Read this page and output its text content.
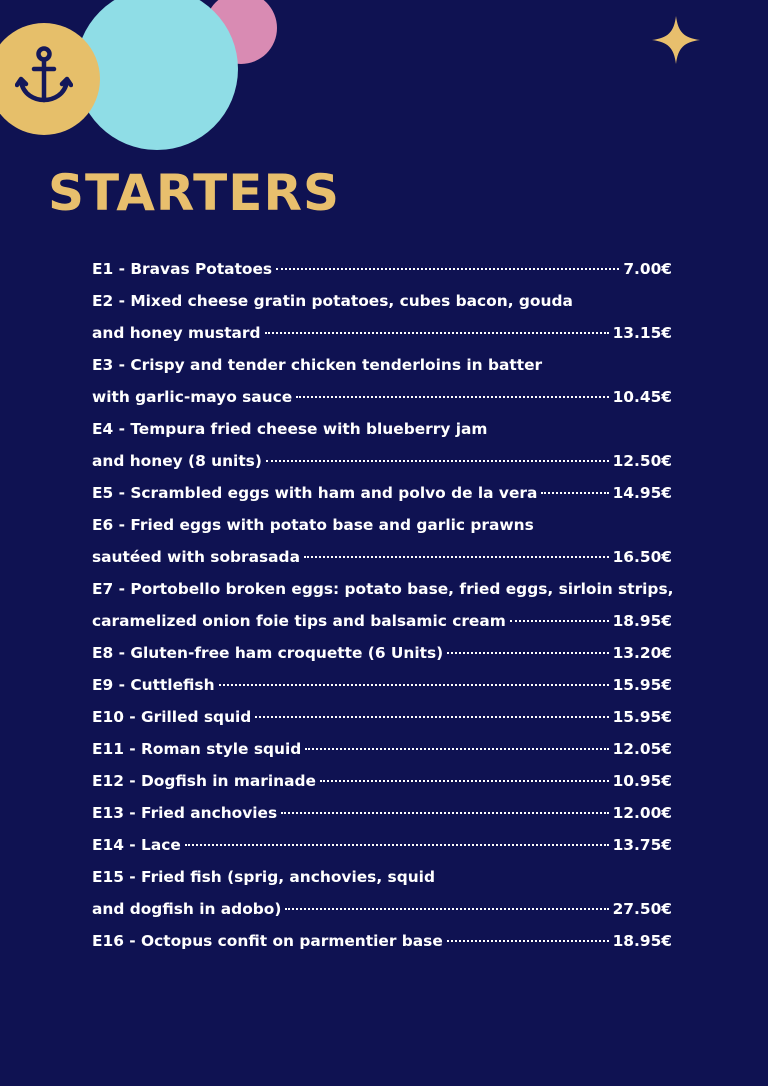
STARTERS
E1 - Bravas Potatoes	7.00€
E2 - Mixed cheese gratin potatoes, cubes bacon, gouda
and honey mustard	13.15€
E3 - Crispy and tender chicken tenderloins in batter
with garlic-mayo sauce	10.45€
E4 - Tempura fried cheese with blueberry jam
and honey (8 units)	12.50€
E5 - Scrambled eggs with ham and polvo de la vera	14.95€
E6 - Fried eggs with potato base and garlic prawns
sautéed with sobrasada	16.50€
E7 - Portobello broken eggs: potato base, fried eggs, sirloin strips,
caramelized onion foie tips and balsamic cream	18.95€
E8 - Gluten-free ham croquette (6 Units)	13.20€
E9 - Cuttlefish	15.95€
E10 - Grilled squid	15.95€
E11 - Roman style squid	12.05€
E12 - Dogfish in marinade	10.95€
E13 - Fried anchovies	12.00€
E14 - Lace	13.75€
E15 - Fried fish (sprig, anchovies, squid
and dogfish in adobo)	27.50€
E16 - Octopus confit on parmentier base	18.95€
